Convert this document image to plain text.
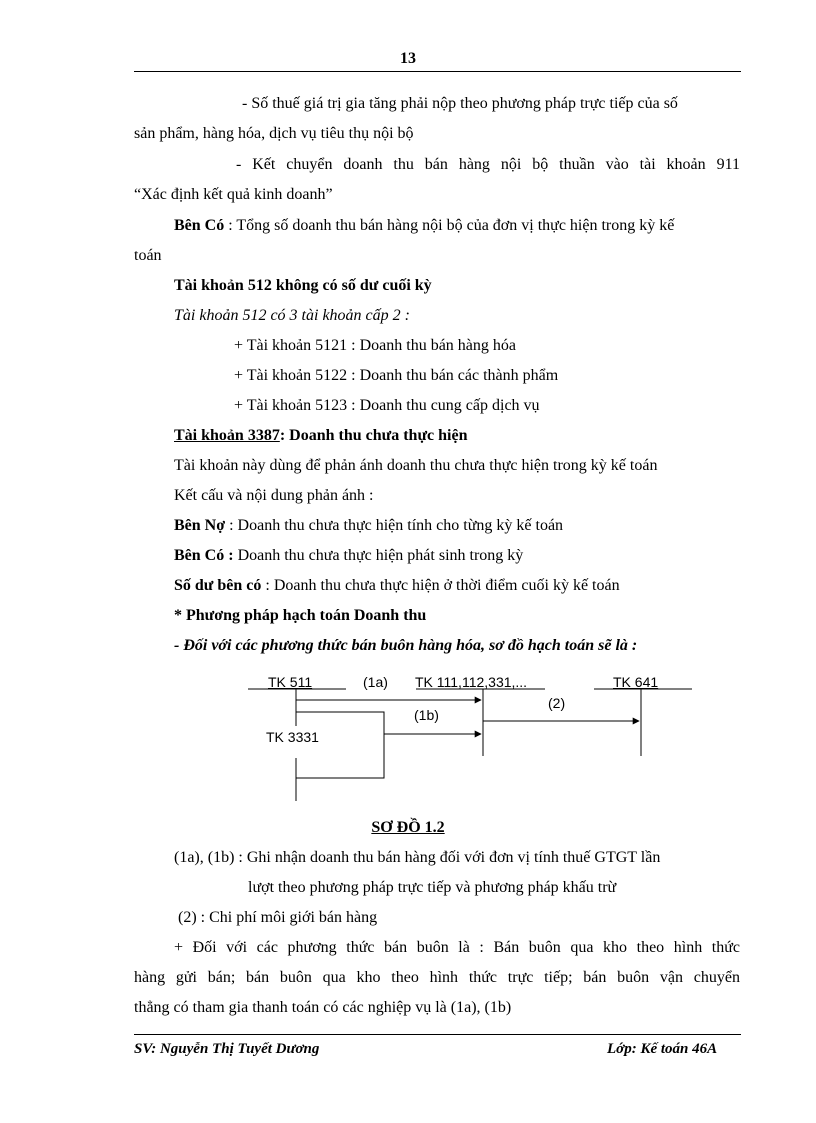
13
- Số thuế giá trị gia tăng phải nộp theo phương pháp trực tiếp của số
sản phẩm, hàng hóa, dịch vụ tiêu thụ nội bộ
- Kết chuyển doanh thu bán hàng nội bộ thuần vào tài khoản 911
“Xác định kết quả kinh doanh”
Bên Có : Tổng số doanh thu bán hàng nội bộ của đơn vị thực hiện trong kỳ kế
toán
Tài khoản 512 không có số dư cuối kỳ
Tài khoản 512 có 3 tài khoản cấp 2 :
+ Tài khoản 5121 : Doanh thu bán hàng hóa
+ Tài khoản 5122 : Doanh thu bán các thành phẩm
+ Tài khoản 5123 : Doanh thu cung cấp dịch vụ
Tài khoản 3387: Doanh thu chưa thực hiện
Tài khoản này dùng để phản ánh doanh thu chưa thực hiện trong kỳ kế toán
Kết cấu và nội dung phản ánh :
Bên Nợ : Doanh thu chưa thực hiện tính cho từng kỳ kế toán
Bên Có : Doanh thu chưa thực hiện phát sinh trong kỳ
Số dư bên có : Doanh thu chưa thực hiện ở thời điểm cuối kỳ kế toán
* Phương pháp hạch toán Doanh thu
- Đối với các phương thức bán buôn hàng hóa, sơ đồ hạch toán sẽ là :
TK 511	(1a) TK 111,112,331,...	TK 641
(1b)
(2)
TK 3331
SƠ ĐỒ 1.2
(1a), (1b) : Ghi nhận doanh thu bán hàng đối với đơn vị tính thuế GTGT lần
lượt theo phương pháp trực tiếp và phương pháp khấu trừ
(2) : Chi phí môi giới bán hàng
+ Đối với các phương thức bán buôn là : Bán buôn qua kho theo hình thức
hàng gửi bán; bán buôn qua kho theo hình thức trực tiếp; bán buôn vận chuyển
thẳng có tham gia thanh toán có các nghiệp vụ là (1a), (1b)
SV: Nguyễn Thị Tuyết Dương	Lớp: Kế toán 46A
